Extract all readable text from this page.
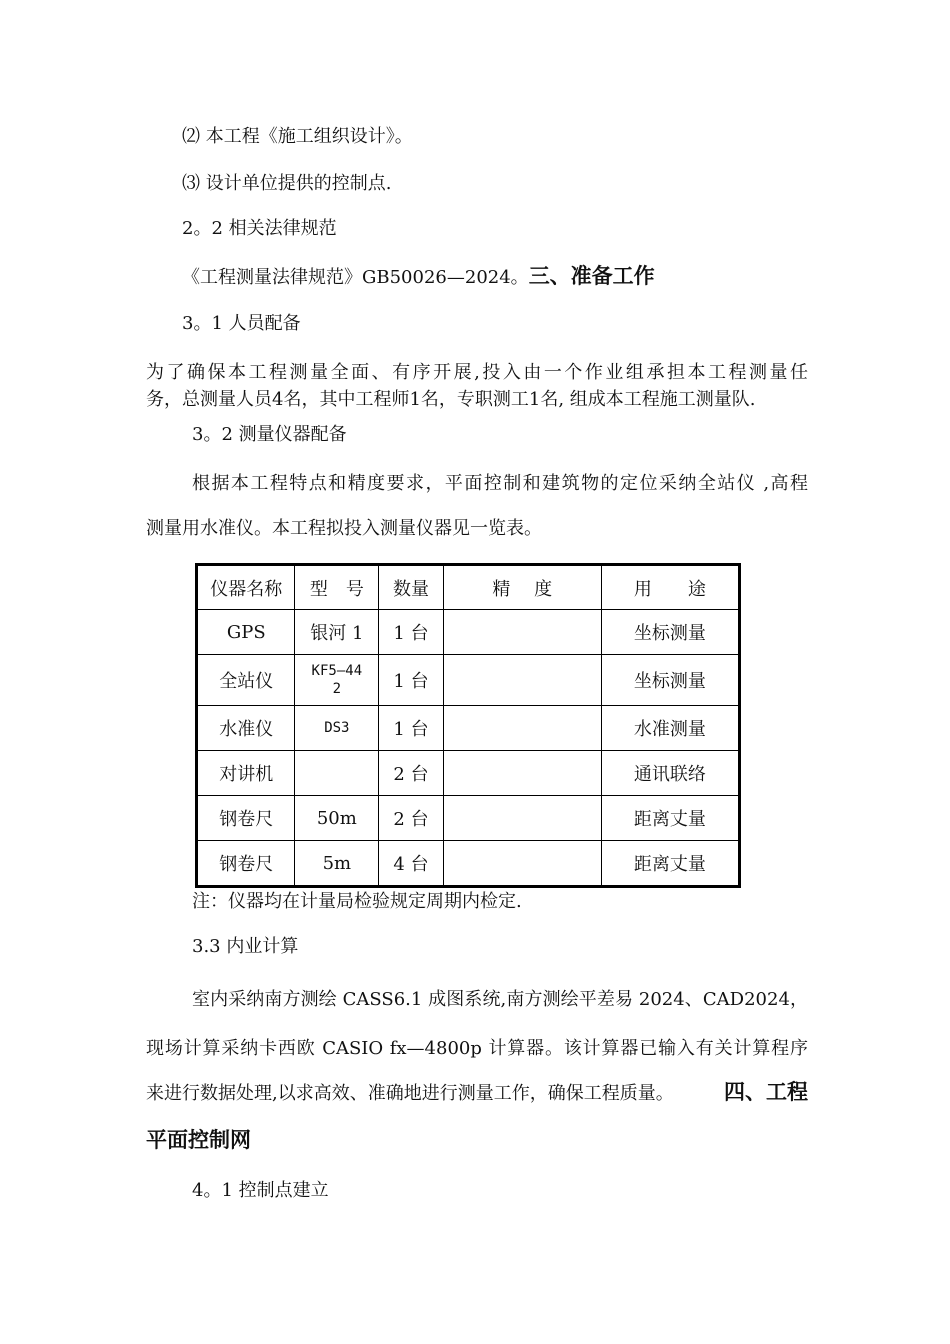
⑵ 本工程《施工组织设计》。
⑶ 设计单位提供的控制点.
2。2 相关法律规范
《工程测量法律规范》GB50026—2024。三、准备工作
3。1 人员配备
为了确保本工程测量全面、有序开展,投入由一个作业组承担本工程测量任
务，总测量人员4名，其中工程师1名，专职测工1名, 组成本工程施工测量队.
3。2 测量仪器配备
根据本工程特点和精度要求，平面控制和建筑物的定位采纳全站仪 ,高程
测量用水准仪。本工程拟投入测量仪器见一览表。
仪器名称	型　号	数量	精　 度	用　　途
GPS	银河 1	1 台		坐标测量
全站仪	KF5—442	1 台		坐标测量
水准仪	DS3	1 台		水准测量
对讲机		2 台		通讯联络
钢卷尺	50m	2 台		距离丈量
钢卷尺	5m	4 台		距离丈量
注：仪器均在计量局检验规定周期内检定.
3.3 内业计算
室内采纳南方测绘 CASS6.1 成图系统,南方测绘平差易 2024、CAD2024，
现场计算采纳卡西欧 CASIO fx—4800p 计算器。该计算器已输入有关计算程序
来进行数据处理,以求高效、准确地进行测量工作，确保工程质量。 四、工程
平面控制网
4。1 控制点建立
